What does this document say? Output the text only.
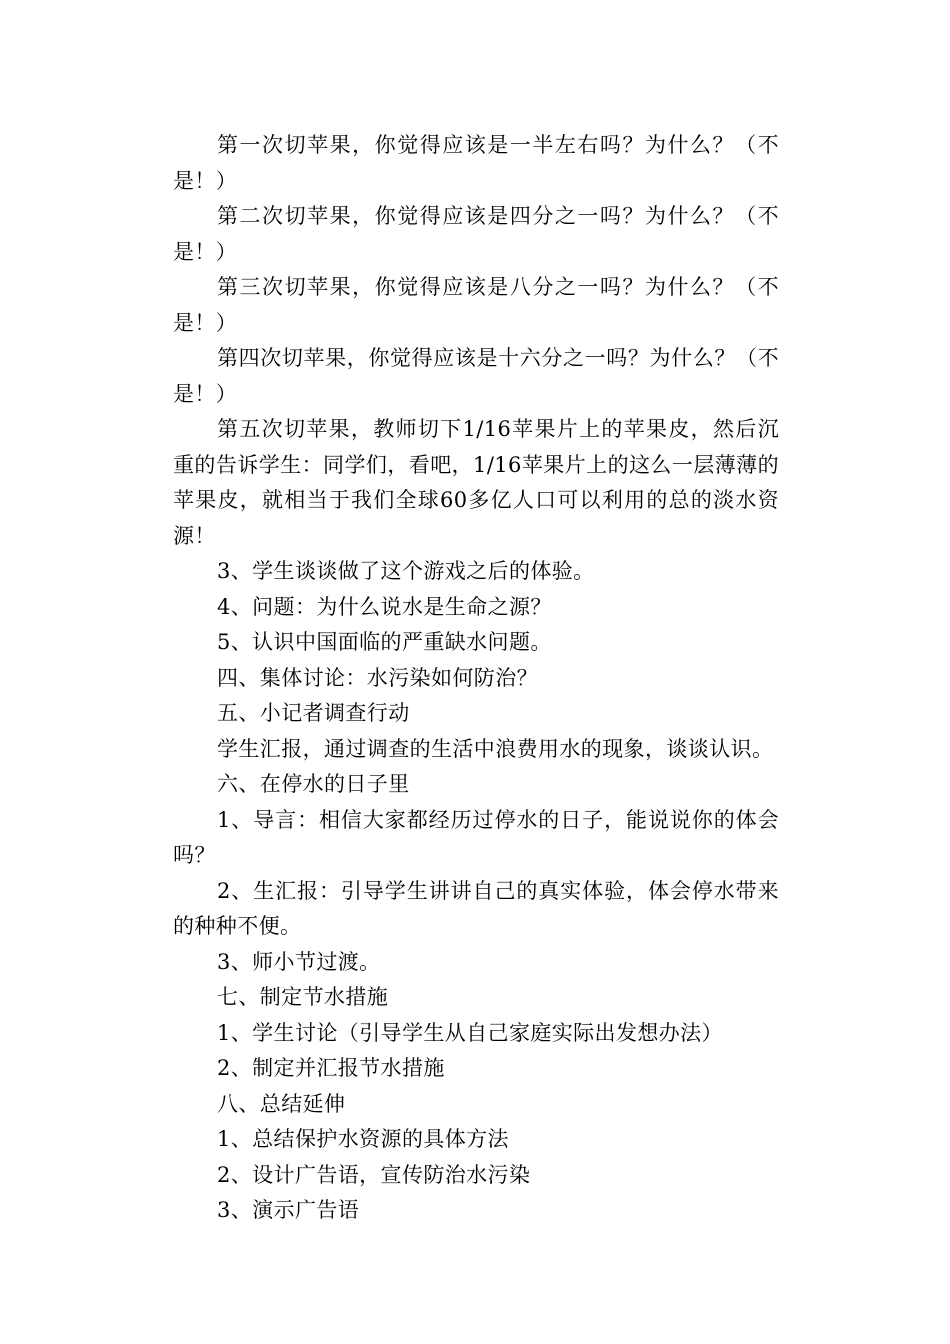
第一次切苹果，你觉得应该是一半左右吗？为什么？（不是！）

第二次切苹果，你觉得应该是四分之一吗？为什么？（不是！）

第三次切苹果，你觉得应该是八分之一吗？为什么？（不是！）

第四次切苹果，你觉得应该是十六分之一吗？为什么？（不是！）

第五次切苹果，教师切下1/16苹果片上的苹果皮，然后沉重的告诉学生：同学们，看吧，1/16苹果片上的这么一层薄薄的苹果皮，就相当于我们全球60多亿人口可以利用的总的淡水资源！

3、学生谈谈做了这个游戏之后的体验。

4、问题：为什么说水是生命之源？

5、认识中国面临的严重缺水问题。

四、集体讨论：水污染如何防治？

五、小记者调查行动

学生汇报，通过调查的生活中浪费用水的现象，谈谈认识。

六、在停水的日子里

1、导言：相信大家都经历过停水的日子，能说说你的体会吗？

2、生汇报：引导学生讲讲自己的真实体验，体会停水带来的种种不便。

3、师小节过渡。

七、制定节水措施

1、学生讨论（引导学生从自己家庭实际出发想办法）

2、制定并汇报节水措施

八、总结延伸

1、总结保护水资源的具体方法

2、设计广告语，宣传防治水污染

3、演示广告语
